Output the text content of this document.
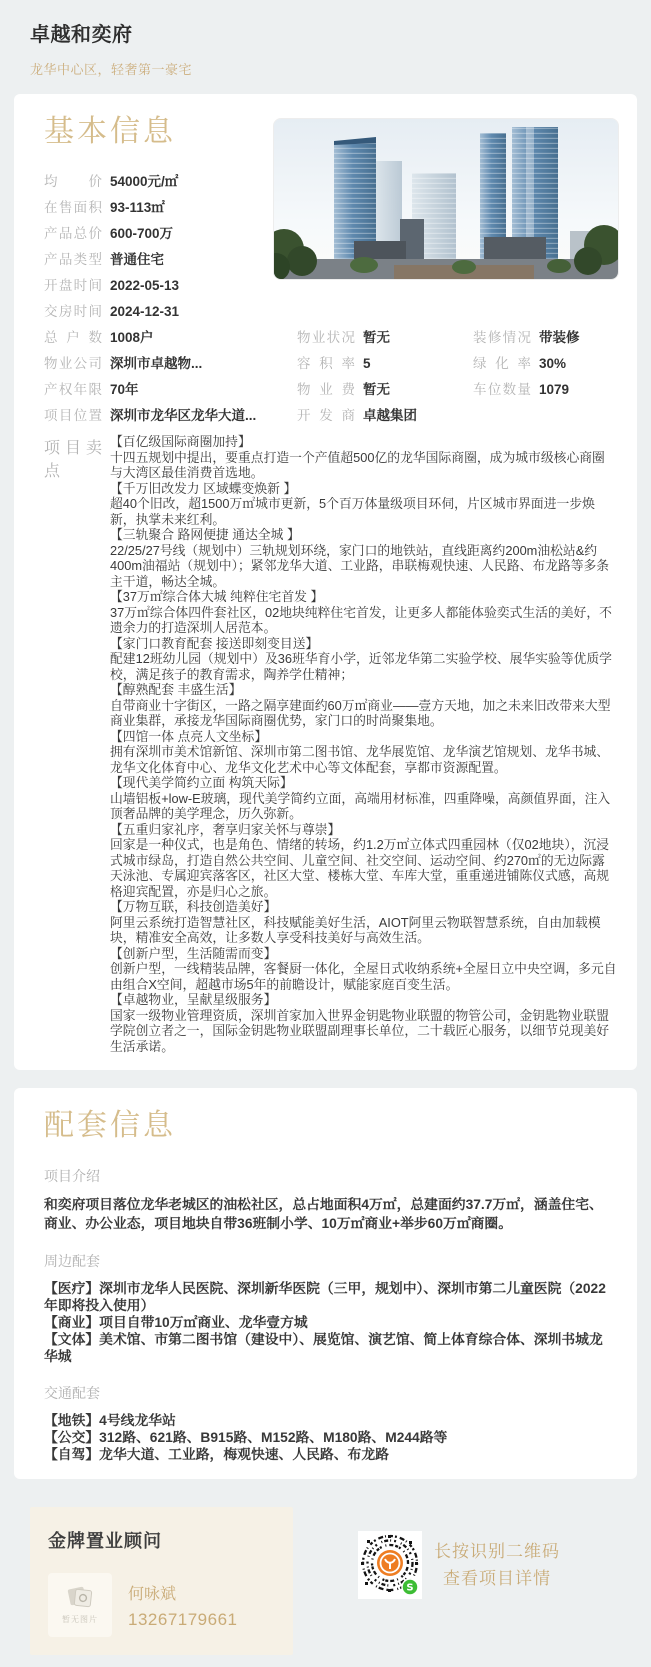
卓越和奕府
龙华中心区，轻奢第一豪宅
基本信息
均价 54000元/㎡
在售面积 93-113㎡
产品总价 600-700万
产品类型 普通住宅
开盘时间 2022-05-13
交房时间 2024-12-31
总户数 1008户	物业状况 暂无	装修情况 带装修
物业公司 深圳市卓越物...	容积率 5	绿化率 30%
产权年限 70年	物业费 暂无	车位数量 1079
项目位置 深圳市龙华区龙华大道...	开发商 卓越集团
项目卖点
【百亿级国际商圈加持】
十四五规划中提出，要重点打造一个产值超500亿的龙华国际商圈，成为城市级核心商圈与大湾区最佳消费首选地。
【千万旧改发力 区域蝶变焕新 】
超40个旧改，超1500万㎡城市更新，5个百万体量级项目环伺，片区城市界面进一步焕新，执掌未来红利。
【三轨聚合 路网便捷 通达全城 】
22/25/27号线（规划中）三轨规划环绕，家门口的地铁站，直线距离约200m油松站&约400m油福站（规划中）；紧邻龙华大道、工业路，串联梅观快速、人民路、布龙路等多条主干道，畅达全城。
【37万㎡综合体大城 纯粹住宅首发 】
37万㎡综合体四件套社区，02地块纯粹住宅首发，让更多人都能体验奕式生活的美好，不遗余力的打造深圳人居范本。
【家门口教育配套 接送即刻变目送】
配建12班幼儿园（规划中）及36班华育小学，近邻龙华第二实验学校、展华实验等优质学校，满足孩子的教育需求，陶养学仕精神；
【醇熟配套 丰盛生活】
自带商业十字街区，一路之隔享建面约60万㎡商业——壹方天地，加之未来旧改带来大型商业集群，承接龙华国际商圈优势，家门口的时尚聚集地。
【四馆一体 点亮人文坐标】
拥有深圳市美术馆新馆、深圳市第二图书馆、龙华展览馆、龙华演艺馆规划、龙华书城、龙华文化体育中心、龙华文化艺术中心等文体配套，享都市资源配置。
【现代美学简约立面 构筑天际】
山墙铝板+low-E玻璃，现代美学简约立面，高端用材标准，四重降噪，高颜值界面，注入顶奢品牌的美学理念，历久弥新。
【五重归家礼序，奢享归家关怀与尊崇】
回家是一种仪式，也是角色、情绪的转场，约1.2万㎡立体式四重园林（仅02地块），沉浸式城市绿岛，打造自然公共空间、儿童空间、社交空间、运动空间、约270㎡的无边际露天泳池、专属迎宾落客区，社区大堂、楼栋大堂、车库大堂，重重递进铺陈仪式感，高规格迎宾配置，亦是归心之旅。
【万物互联，科技创造美好】
阿里云系统打造智慧社区，科技赋能美好生活，AIOT阿里云物联智慧系统，自由加载模块，精准安全高效，让多数人享受科技美好与高效生活。
【创新户型，生活随需而变】
创新户型，一线精装品牌，客餐厨一体化，全屋日式收纳系统+全屋日立中央空调，多元自由组合X空间，超越市场5年的前瞻设计，赋能家庭百变生活。
【卓越物业，呈献星级服务】
国家一级物业管理资质，深圳首家加入世界金钥匙物业联盟的物管公司，金钥匙物业联盟学院创立者之一，国际金钥匙物业联盟副理事长单位，二十载匠心服务，以细节兑现美好生活承诺。
配套信息
项目介绍
和奕府项目落位龙华老城区的油松社区，总占地面积4万㎡，总建面约37.7万㎡，涵盖住宅、商业、办公业态，项目地块自带36班制小学、10万㎡商业+举步60万㎡商圈。
周边配套
【医疗】深圳市龙华人民医院、深圳新华医院（三甲，规划中）、深圳市第二儿童医院（2022年即将投入使用）
【商业】项目自带10万㎡商业、龙华壹方城
【文体】美术馆、市第二图书馆（建设中）、展览馆、演艺馆、简上体育综合体、深圳书城龙华城
交通配套
【地铁】4号线龙华站
【公交】312路、621路、B915路、M152路、M180路、M244路等
【自驾】龙华大道、工业路，梅观快速、人民路、布龙路
金牌置业顾问
暂无图片
何咏斌
13267179661
S
长按识别二维码
查看项目详情
